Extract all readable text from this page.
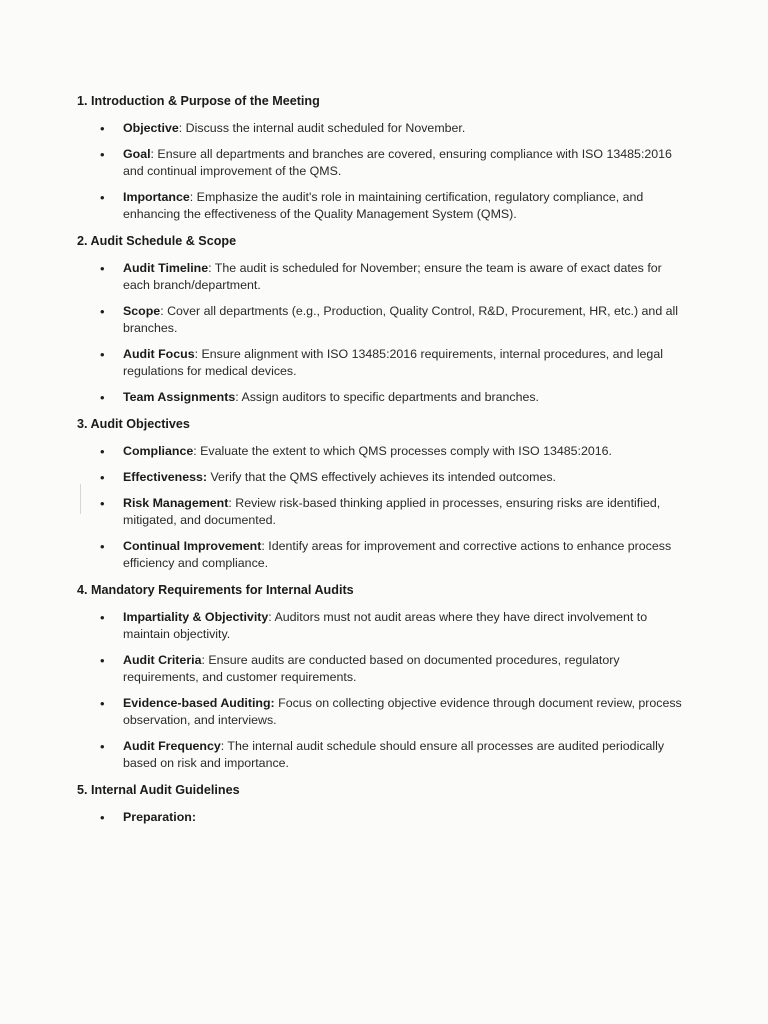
1. Introduction & Purpose of the Meeting
• Objective: Discuss the internal audit scheduled for November.
• Goal: Ensure all departments and branches are covered, ensuring compliance with ISO 13485:2016 and continual improvement of the QMS.
• Importance: Emphasize the audit's role in maintaining certification, regulatory compliance, and enhancing the effectiveness of the Quality Management System (QMS).
2. Audit Schedule & Scope
• Audit Timeline: The audit is scheduled for November; ensure the team is aware of exact dates for each branch/department.
• Scope: Cover all departments (e.g., Production, Quality Control, R&D, Procurement, HR, etc.) and all branches.
• Audit Focus: Ensure alignment with ISO 13485:2016 requirements, internal procedures, and legal regulations for medical devices.
• Team Assignments: Assign auditors to specific departments and branches.
3. Audit Objectives
• Compliance: Evaluate the extent to which QMS processes comply with ISO 13485:2016.
• Effectiveness: Verify that the QMS effectively achieves its intended outcomes.
• Risk Management: Review risk-based thinking applied in processes, ensuring risks are identified, mitigated, and documented.
• Continual Improvement: Identify areas for improvement and corrective actions to enhance process efficiency and compliance.
4. Mandatory Requirements for Internal Audits
• Impartiality & Objectivity: Auditors must not audit areas where they have direct involvement to maintain objectivity.
• Audit Criteria: Ensure audits are conducted based on documented procedures, regulatory requirements, and customer requirements.
• Evidence-based Auditing: Focus on collecting objective evidence through document review, process observation, and interviews.
• Audit Frequency: The internal audit schedule should ensure all processes are audited periodically based on risk and importance.
5. Internal Audit Guidelines
• Preparation:
